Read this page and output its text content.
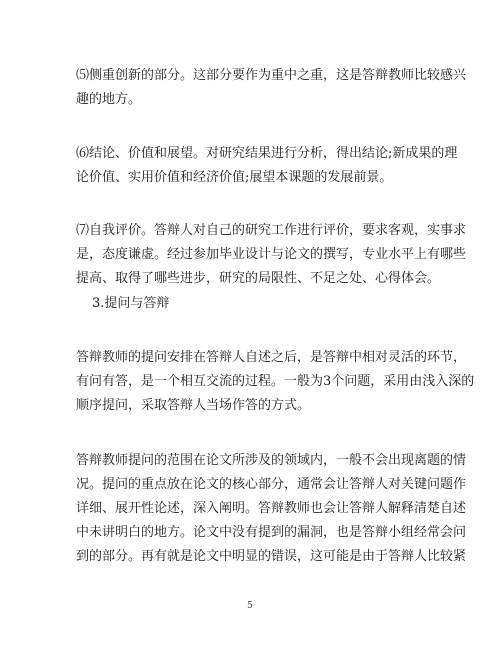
⑸侧重创新的部分。这部分要作为重中之重，这是答辩教师比较感兴
趣的地方。
⑹结论、价值和展望。对研究结果进行分析，得出结论;新成果的理
论价值、实用价值和经济价值;展望本课题的发展前景。
⑺自我评价。答辩人对自己的研究工作进行评价，要求客观，实事求
是，态度谦虚。经过参加毕业设计与论文的撰写，专业水平上有哪些
提高、取得了哪些进步，研究的局限性、不足之处、心得体会。
3.提问与答辩
答辩教师的提问安排在答辩人自述之后，是答辩中相对灵活的环节，
有问有答，是一个相互交流的过程。一般为3个问题，采用由浅入深的
顺序提问，采取答辩人当场作答的方式。
答辩教师提问的范围在论文所涉及的领域内，一般不会出现离题的情
况。提问的重点放在论文的核心部分，通常会让答辩人对关键问题作
详细、展开性论述，深入阐明。答辩教师也会让答辩人解释清楚自述
中未讲明白的地方。论文中没有提到的漏洞，也是答辩小组经常会问
到的部分。再有就是论文中明显的错误，这可能是由于答辩人比较紧
5
